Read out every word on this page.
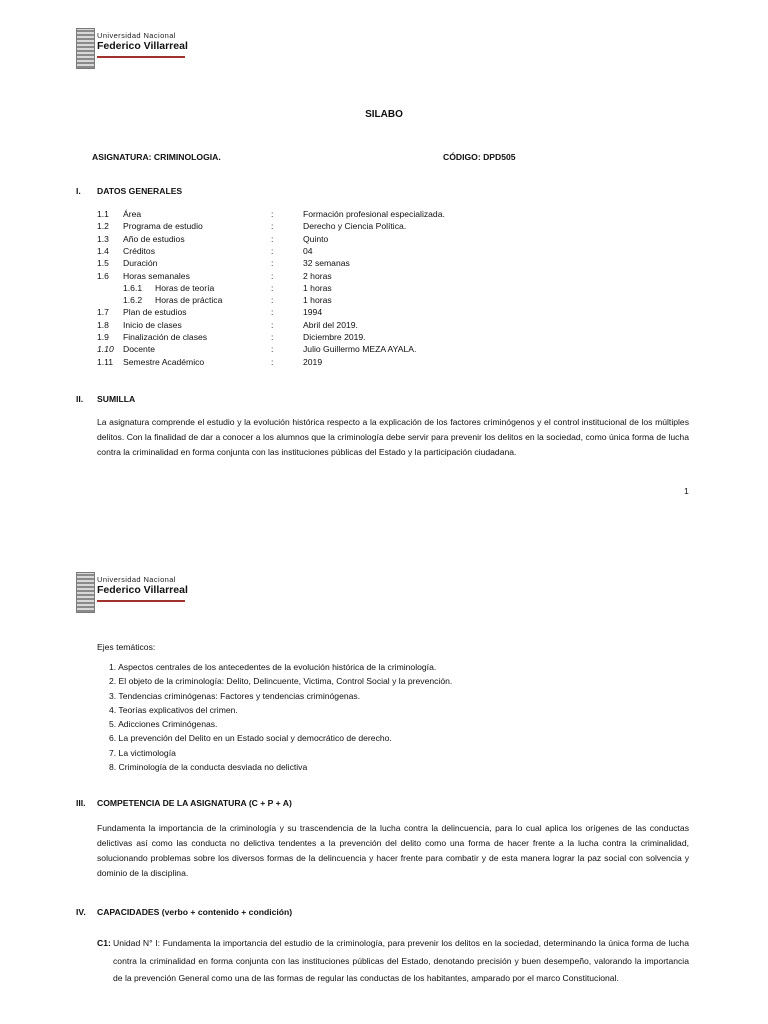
Universidad Nacional
Federico Villarreal
SILABO
ASIGNATURA: CRIMINOLOGIA.	CÓDIGO: DPD505
I. DATOS GENERALES
1.1 Área	:	Formación profesional especializada.
1.2 Programa de estudio	:	Derecho y Ciencia Política.
1.3 Año de estudios	:	Quinto
1.4 Créditos	:	04
1.5 Duración	:	32 semanas
1.6 Horas semanales	:	2 horas
1.6.1 Horas de teoría	:	1 horas
1.6.2 Horas de práctica	:	1 horas
1.7 Plan de estudios	:	1994
1.8 Inicio de clases	:	Abril del 2019.
1.9 Finalización de clases	:	Diciembre 2019.
1.10 Docente	:	Julio Guillermo MEZA AYALA.
1.11 Semestre Académico	:	2019
II. SUMILLA
La asignatura comprende el estudio y la evolución histórica respecto a la explicación de los factores criminógenos y el control institucional de los múltiples delitos. Con la finalidad de dar a conocer a los alumnos que la criminología debe servir para prevenir los delitos en la sociedad, como única forma de lucha contra la criminalidad en forma conjunta con las instituciones públicas del Estado y la participación ciudadana.
1
Universidad Nacional
Federico Villarreal
Ejes temáticos:
1. Aspectos centrales de los antecedentes de la evolución histórica de la criminología.
2. El objeto de la criminología: Delito, Delincuente, Victima, Control Social y la prevención.
3. Tendencias criminógenas: Factores y tendencias criminógenas.
4. Teorías explicativos del crimen.
5. Adicciones Criminógenas.
6. La prevención del Delito en un Estado social y democrático de derecho.
7. La victimología
8. Criminología de la conducta desviada no delictiva
III. COMPETENCIA DE LA ASIGNATURA (C + P + A)
Fundamenta la importancia de la criminología y su trascendencia de la lucha contra la delincuencia, para lo cual aplica los orígenes de las conductas delictivas así como las conducta no delictiva tendentes a la prevención del delito como una forma de hacer frente a la lucha contra la criminalidad, solucionando problemas sobre los diversos formas de la delincuencia y hacer frente para combatir y de esta manera lograr la paz social con solvencia y dominio de la disciplina.
IV. CAPACIDADES (verbo + contenido + condición)
C1: Unidad N° I: Fundamenta la importancia del estudio de la criminología, para prevenir los delitos en la sociedad, determinando la única forma de lucha contra la criminalidad en forma conjunta con las instituciones públicas del Estado, denotando precisión y buen desempeño, valorando la importancia de la prevención General como una de las formas de regular las conductas de los habitantes, amparado por el marco Constitucional.
